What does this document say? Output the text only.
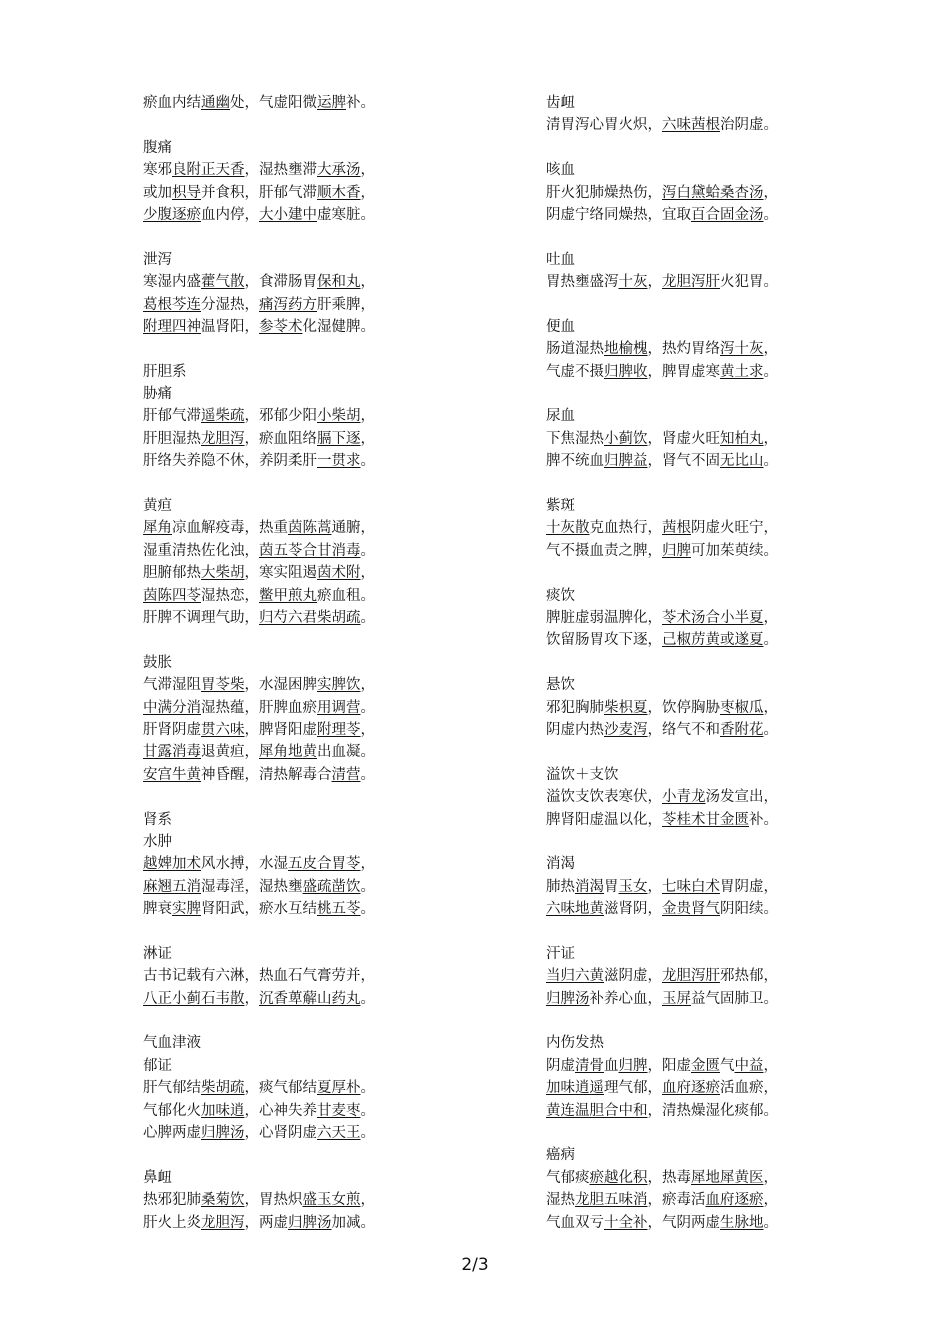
瘀血内结通幽处，气虚阳微运脾补。
腹痛
寒邪良附正天香，湿热壅滞大承汤，
或加枳导并食积，肝郁气滞顺木香，
少腹逐瘀血内停，大小建中虚寒脏。
泄泻
寒湿内盛藿气散，食滞肠胃保和丸，
葛根芩连分湿热，痛泻药方肝乘脾，
附理四神温肾阳，参苓术化湿健脾。
肝胆系
胁痛
肝郁气滞遥柴疏，邪郁少阳小柴胡，
肝胆湿热龙胆泻，瘀血阻络膈下逐，
肝络失养隐不休，养阴柔肝一贯求。
黄疸
犀角凉血解疫毒，热重茵陈蒿通腑，
湿重清热佐化浊，茵五苓合甘消毒。
胆腑郁热大柴胡，寒实阻遏茵术附，
茵陈四苓湿热恋，鳖甲煎丸瘀血租。
肝脾不调理气助，归芍六君柴胡疏。
鼓胀
气滞湿阻胃苓柴，水湿困脾实脾饮，
中满分消湿热蕴，肝脾血瘀用调营。
肝肾阴虚贯六味，脾肾阳虚附理苓，
甘露消毒退黄疸，犀角地黄出血凝。
安宫牛黄神昏醒，清热解毒合清营。
肾系
水肿
越婢加术风水搏，水湿五皮合胃苓，
麻翘五消湿毒淫，湿热壅盛疏凿饮。
脾衰实脾肾阳武，瘀水互结桃五苓。
淋证
古书记载有六淋，热血石气膏劳并，
八正小蓟石韦散，沉香萆薢山药丸。
气血津液
郁证
肝气郁结柴胡疏，痰气郁结夏厚朴。
气郁化火加味逍，心神失养甘麦枣。
心脾两虚归脾汤，心肾阴虚六天王。
鼻衄
热邪犯肺桑菊饮，胃热炽盛玉女煎，
肝火上炎龙胆泻，两虚归脾汤加减。
齿衄
清胃泻心胃火炽，六味茜根治阴虚。
咳血
肝火犯肺燥热伤，泻白黛蛤桑杏汤，
阴虚宁络同燥热，宜取百合固金汤。
吐血
胃热壅盛泻十灰，龙胆泻肝火犯胃。
便血
肠道湿热地榆槐，热灼胃络泻十灰，
气虚不摄归脾收，脾胃虚寒黄土求。
尿血
下焦湿热小蓟饮，肾虚火旺知柏丸，
脾不统血归脾益，肾气不固无比山。
紫斑
十灰散克血热行，茜根阴虚火旺宁，
气不摄血责之脾，归脾可加茱萸续。
痰饮
脾脏虚弱温脾化，苓术汤合小半夏，
饮留肠胃攻下逐，己椒苈黄或遂夏。
悬饮
邪犯胸肺柴枳夏，饮停胸胁枣椒瓜，
阴虚内热沙麦泻，络气不和香附花。
溢饮＋支饮
溢饮支饮表寒伏，小青龙汤发宣出，
脾肾阳虚温以化，苓桂术甘金匮补。
消渴
肺热消渴胃玉女，七味白术胃阴虚，
六味地黄滋肾阴，金贵肾气阴阳续。
汗证
当归六黄滋阴虚，龙胆泻肝邪热郁，
归脾汤补养心血，玉屏益气固肺卫。
内伤发热
阴虚清骨血归脾，阳虚金匮气中益，
加味逍遥理气郁，血府逐瘀活血瘀，
黄连温胆合中和，清热燥湿化痰郁。
癌病
气郁痰瘀越化积，热毒犀地犀黄医，
湿热龙胆五味消，瘀毒活血府逐瘀，
气血双亏十全补，气阴两虚生脉地。
2/3
